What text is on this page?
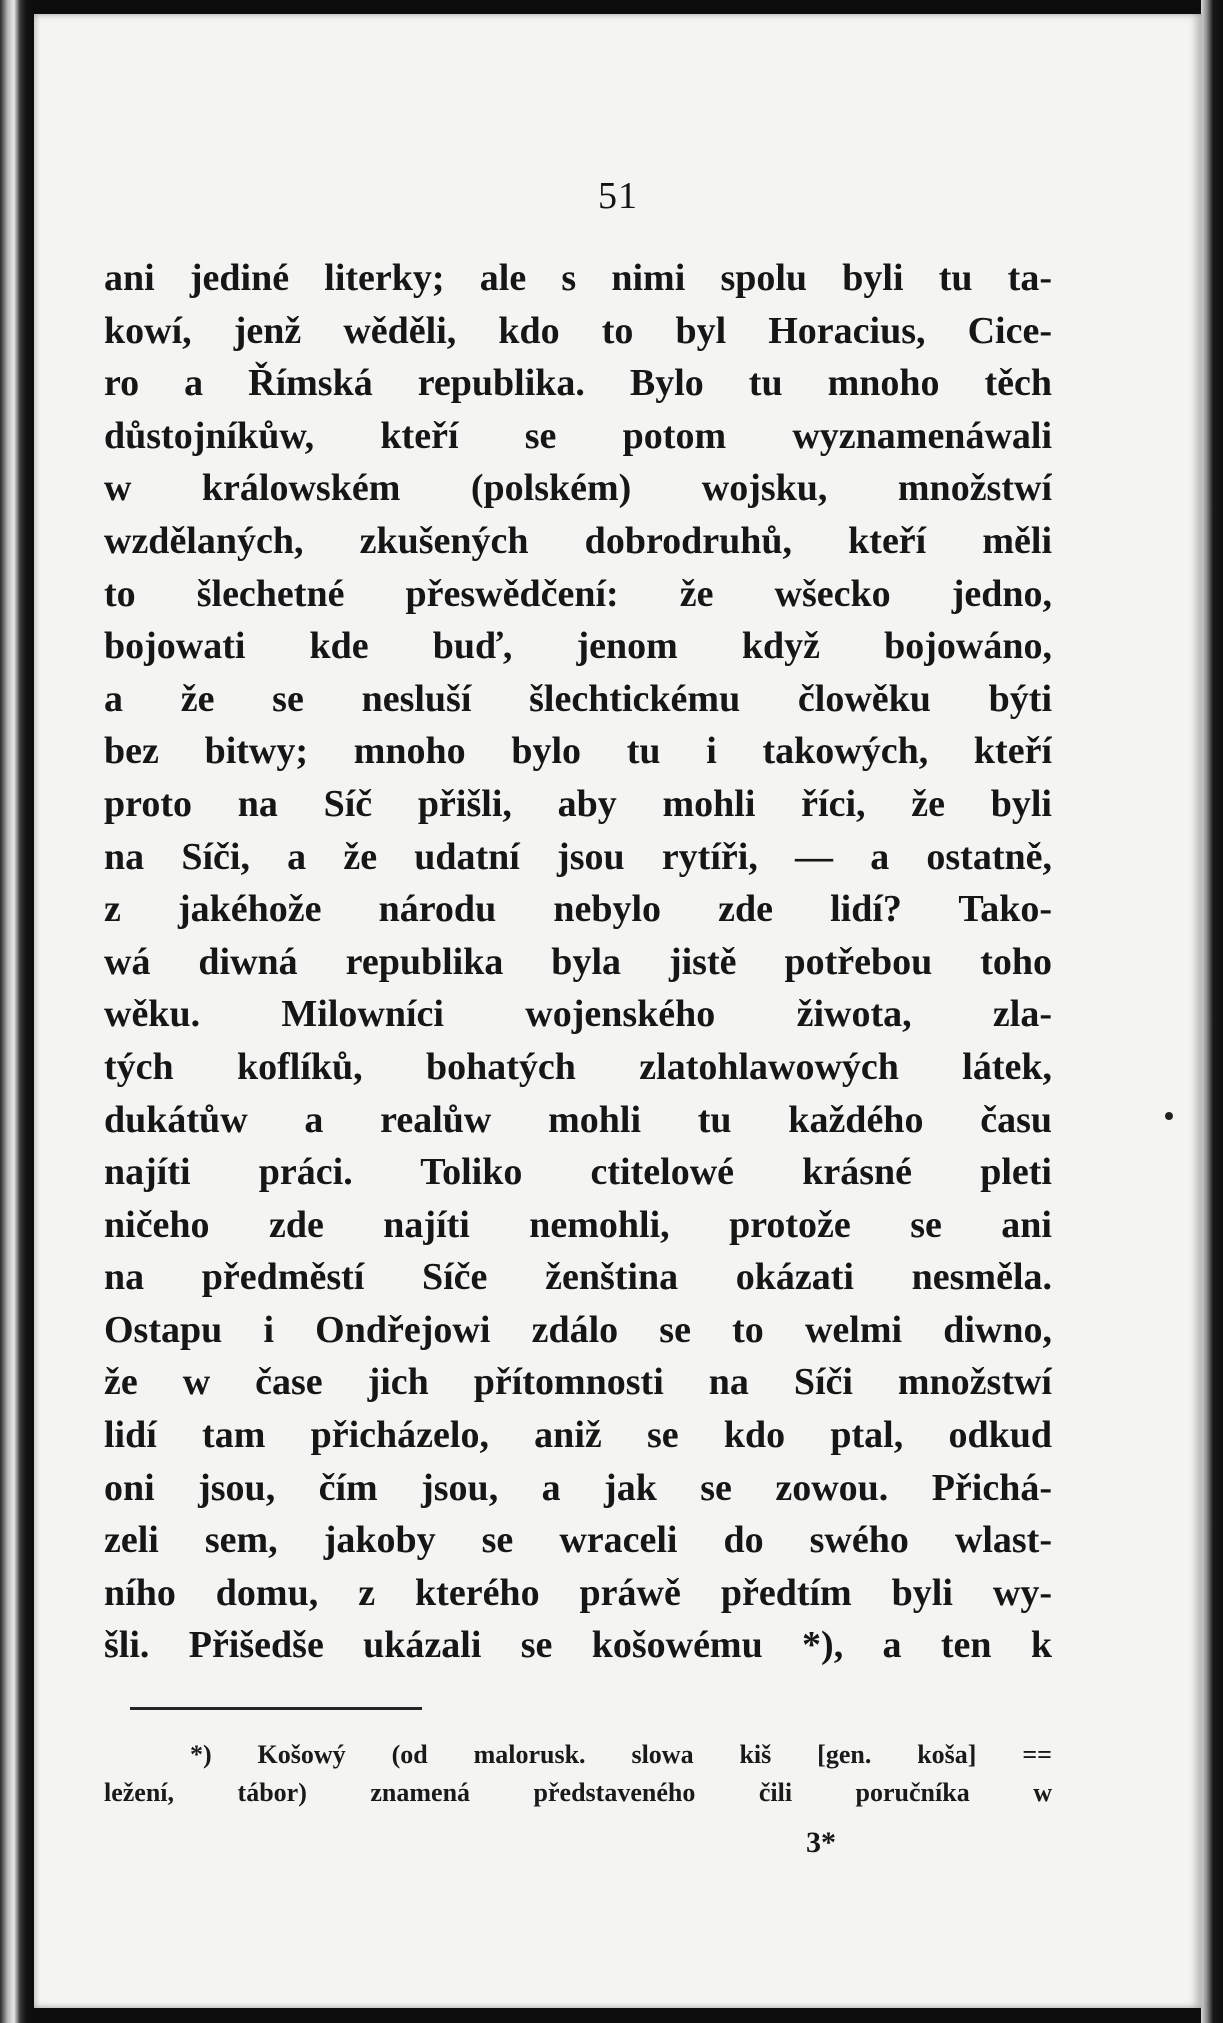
51
ani jediné literky; ale s nimi spolu byli tu ta-
kowí, jenž wěděli, kdo to byl Horacius, Cice-
ro a Římská republika. Bylo tu mnoho těch
důstojníkůw, kteří se potom wyznamenáwali
w králowském (polském) wojsku, množstwí
wzdělaných, zkušených dobrodruhů, kteří měli
to šlechetné přeswědčení: že wšecko jedno,
bojowati kde buď, jenom když bojowáno,
a že se nesluší šlechtickému člowěku býti
bez bitwy; mnoho bylo tu i takowých, kteří
proto na Síč přišli, aby mohli říci, že byli
na Síči, a že udatní jsou rytíři, — a ostatně,
z jakéhože národu nebylo zde lidí? Tako-
wá diwná republika byla jistě potřebou toho
wěku. Milowníci wojenského žiwota, zla-
tých koflíků, bohatých zlatohlawowých látek,
dukátůw a realůw mohli tu každého času
najíti práci. Toliko ctitelowé krásné pleti
ničeho zde najíti nemohli, protože se ani
na předměstí Síče ženština okázati nesměla.
Ostapu i Ondřejowi zdálo se to welmi diwno,
že w čase jich přítomnosti na Síči množstwí
lidí tam přicházelo, aniž se kdo ptal, odkud
oni jsou, čím jsou, a jak se zowou. Přichá-
zeli sem, jakoby se wraceli do swého wlast-
ního domu, z kterého práwě předtím byli wy-
šli. Přišedše ukázali se košowému *), a ten k
*) Košowý (od malorusk. slowa kiš [gen. koša] ==
ležení, tábor) znamená představeného čili poručníka w
3*
